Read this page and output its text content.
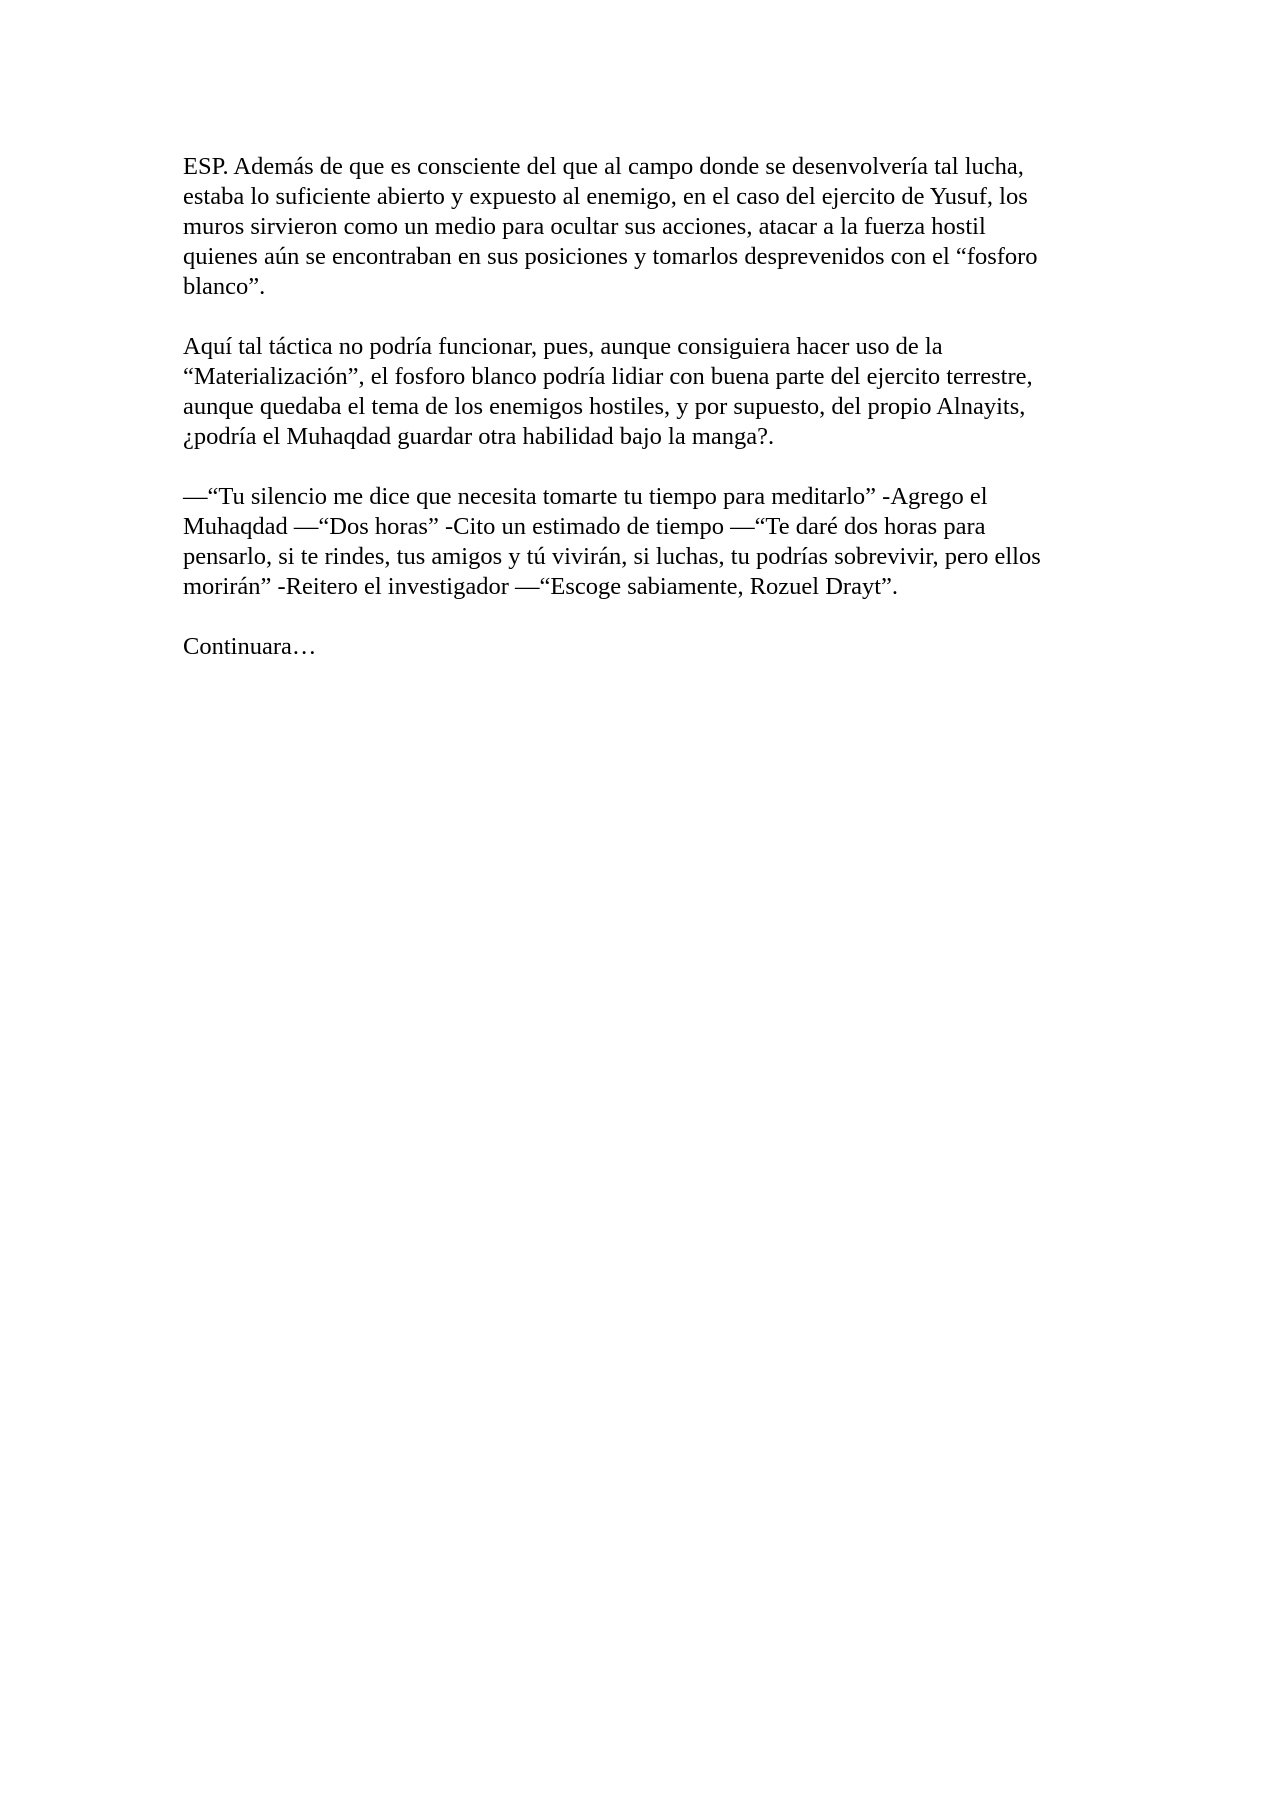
ESP. Además de que es consciente del que al campo donde se desenvolvería tal lucha,
estaba lo suficiente abierto y expuesto al enemigo, en el caso del ejercito de Yusuf, los
muros sirvieron como un medio para ocultar sus acciones, atacar a la fuerza hostil
quienes aún se encontraban en sus posiciones y tomarlos desprevenidos con el “fosforo
blanco”.

Aquí tal táctica no podría funcionar, pues, aunque consiguiera hacer uso de la
“Materialización”, el fosforo blanco podría lidiar con buena parte del ejercito terrestre,
aunque quedaba el tema de los enemigos hostiles, y por supuesto, del propio Alnayits,
¿podría el Muhaqdad guardar otra habilidad bajo la manga?.

—“Tu silencio me dice que necesita tomarte tu tiempo para meditarlo” -Agrego el
Muhaqdad —“Dos horas” -Cito un estimado de tiempo —“Te daré dos horas para
pensarlo, si te rindes, tus amigos y tú vivirán, si luchas, tu podrías sobrevivir, pero ellos
morirán” -Reitero el investigador —“Escoge sabiamente, Rozuel Drayt”.

Continuara…
